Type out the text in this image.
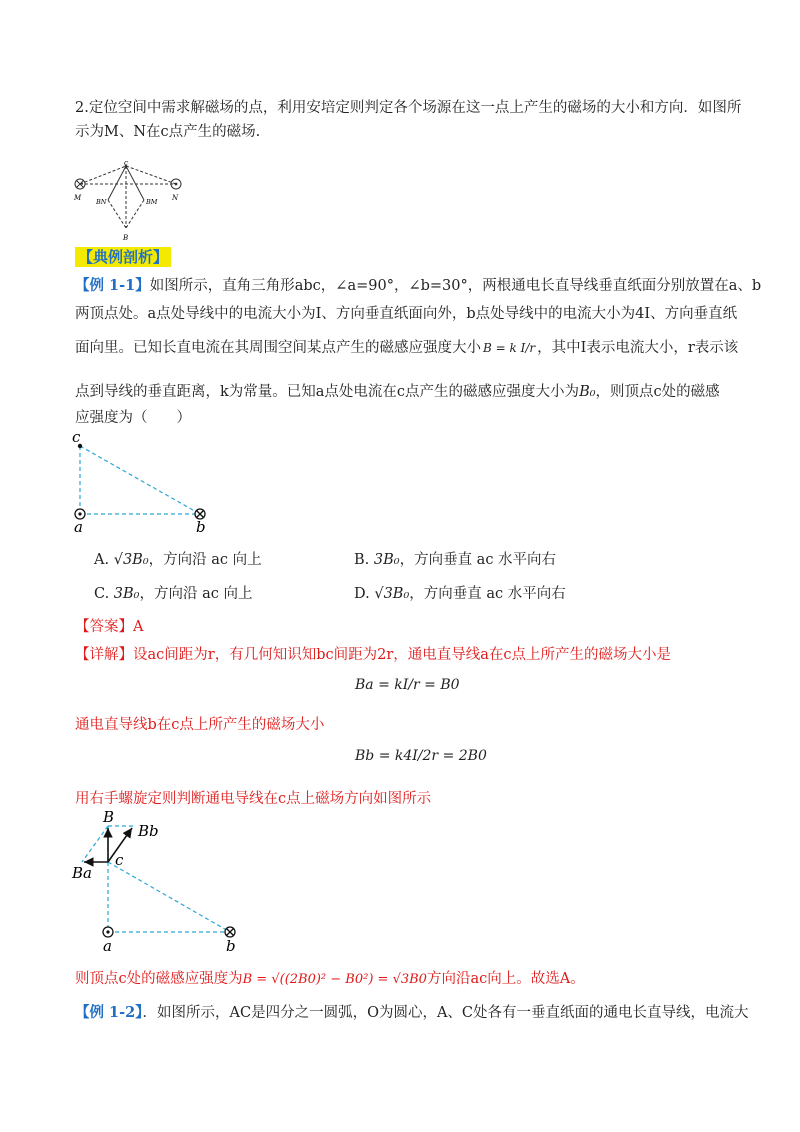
2.定位空间中需求解磁场的点，利用安培定则判定各个场源在这一点上产生的磁场的大小和方向．如图所
示为M、N在c点产生的磁场.
c
M	N
BN	BM
B
【典例剖析】
【例 1-1】如图所示，直角三角形abc，∠a=90°，∠b=30°，两根通电长直导线垂直纸面分别放置在a、b
两顶点处。a点处导线中的电流大小为I、方向垂直纸面向外，b点处导线中的电流大小为4I、方向垂直纸
面向里。已知长直电流在其周围空间某点产生的磁感应强度大小 B = k I/r ，其中I表示电流大小，r表示该
点到导线的垂直距离，k为常量。已知a点处电流在c点产生的磁感应强度大小为B₀，则顶点c处的磁感
应强度为（　　）
c
a	b
A. √3B₀，方向沿 ac 向上	B. 3B₀，方向垂直 ac 水平向右
C. 3B₀，方向沿 ac 向上	D. √3B₀，方向垂直 ac 水平向右
【答案】A
【详解】设ac间距为r，有几何知识知bc间距为2r，通电直导线a在c点上所产生的磁场大小是
Ba = kI/r = B0
通电直导线b在c点上所产生的磁场大小
Bb = k4I/2r = 2B0
用右手螺旋定则判断通电导线在c点上磁场方向如图所示
B
Bb
c
Ba
a	b
则顶点c处的磁感应强度为B = √((2B0)² − B0²) = √3B0方向沿ac向上。故选A。
【例 1-2】．如图所示，AC是四分之一圆弧，O为圆心，A、C处各有一垂直纸面的通电长直导线，电流大
